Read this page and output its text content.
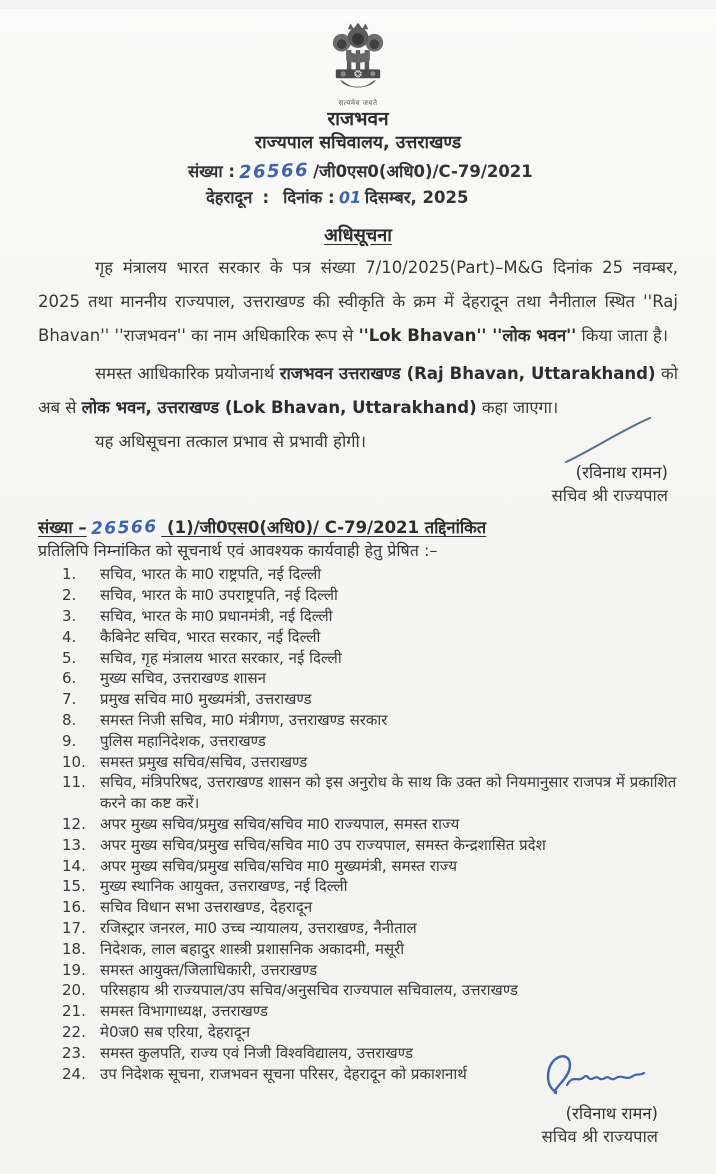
सत्यमेव जयते
राजभवन
राज्यपाल सचिवालय, उत्तराखण्ड
संख्या : 26566 /जी0एस0(अधि0)/C-79/2021
देहरादून : दिनांक : 01 दिसम्बर, 2025
अधिसूचना

गृह मंत्रालय भारत सरकार के पत्र संख्या 7/10/2025(Part)–M&G दिनांक 25 नवम्बर, 2025 तथा माननीय राज्यपाल, उत्तराखण्ड की स्वीकृति के क्रम में देहरादून तथा नैनीताल स्थित ''Raj Bhavan'' ''राजभवन'' का नाम अधिकारिक रूप से ''Lok Bhavan'' ''लोक भवन'' किया जाता है।

समस्त आधिकारिक प्रयोजनार्थ राजभवन उत्तराखण्ड (Raj Bhavan, Uttarakhand) को अब से लोक भवन, उत्तराखण्ड (Lok Bhavan, Uttarakhand) कहा जाएगा।

यह अधिसूचना तत्काल प्रभाव से प्रभावी होगी।

(रविनाथ रामन)
सचिव श्री राज्यपाल
संख्या – 26566 (1)/जी0एस0(अधि0)/ C-79/2021 तद्दिनांकित
प्रतिलिपि निम्नांकित को सूचनार्थ एवं आवश्यक कार्यवाही हेतु प्रेषित :–
1.	सचिव, भारत के मा0 राष्ट्रपति, नई दिल्ली
2.	सचिव, भारत के मा0 उपराष्ट्रपति, नई दिल्ली
3.	सचिव, भारत के मा0 प्रधानमंत्री, नई दिल्ली
4.	कैबिनेट सचिव, भारत सरकार, नई दिल्ली
5.	सचिव, गृह मंत्रालय भारत सरकार, नई दिल्ली
6.	मुख्य सचिव, उत्तराखण्ड शासन
7.	प्रमुख सचिव मा0 मुख्यमंत्री, उत्तराखण्ड
8.	समस्त निजी सचिव, मा0 मंत्रीगण, उत्तराखण्ड सरकार
9.	पुलिस महानिदेशक, उत्तराखण्ड
10. समस्त प्रमुख सचिव/सचिव, उत्तराखण्ड
11. सचिव, मंत्रिपरिषद, उत्तराखण्ड शासन को इस अनुरोध के साथ कि उक्त को नियमानुसार राजपत्र में प्रकाशित करने का कष्ट करें।
12. अपर मुख्य सचिव/प्रमुख सचिव/सचिव मा0 राज्यपाल, समस्त राज्य
13. अपर मुख्य सचिव/प्रमुख सचिव/सचिव मा0 उप राज्यपाल, समस्त केन्द्रशासित प्रदेश
14. अपर मुख्य सचिव/प्रमुख सचिव/सचिव मा0 मुख्यमंत्री, समस्त राज्य
15. मुख्य स्थानिक आयुक्त, उत्तराखण्ड, नई दिल्ली
16. सचिव विधान सभा उत्तराखण्ड, देहरादून
17. रजिस्ट्रार जनरल, मा0 उच्च न्यायालय, उत्तराखण्ड, नैनीताल
18. निदेशक, लाल बहादुर शास्त्री प्रशासनिक अकादमी, मसूरी
19. समस्त आयुक्त/जिलाधिकारी, उत्तराखण्ड
20. परिसहाय श्री राज्यपाल/उप सचिव/अनुसचिव राज्यपाल सचिवालय, उत्तराखण्ड
21. समस्त विभागाध्यक्ष, उत्तराखण्ड
22. मे0ज0 सब एरिया, देहरादून
23. समस्त कुलपति, राज्य एवं निजी विश्वविद्यालय, उत्तराखण्ड
24. उप निदेशक सूचना, राजभवन सूचना परिसर, देहरादून को प्रकाशनार्थ
(रविनाथ रामन)
सचिव श्री राज्यपाल
